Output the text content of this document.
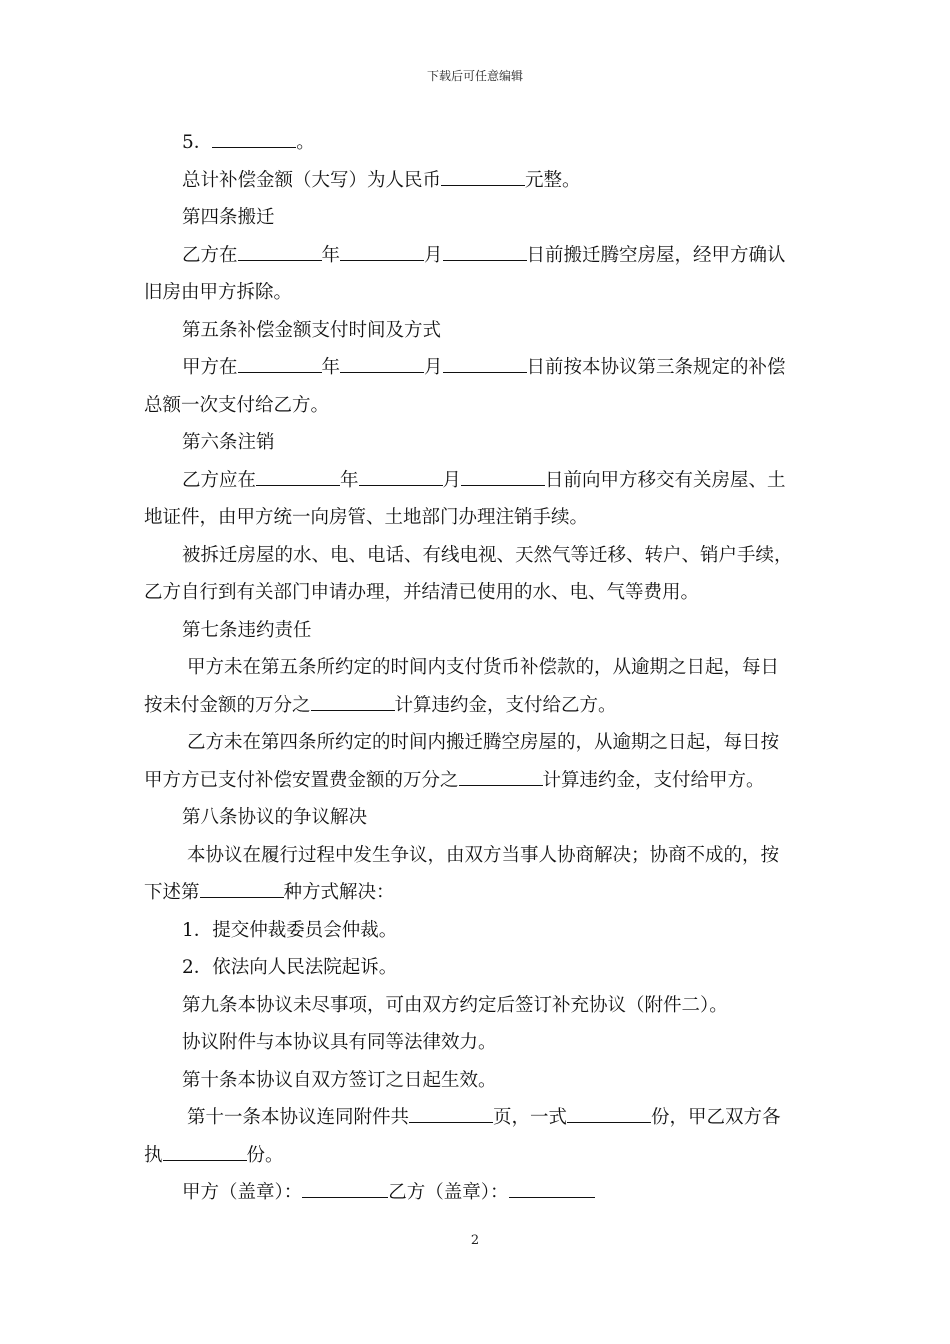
下载后可任意编辑
5．	。
总计补偿金额（大写）为人民币	元整。
第四条搬迁
乙方在	年	月	日前搬迁腾空房屋，经甲方确认
旧房由甲方拆除。
第五条补偿金额支付时间及方式
甲方在	年	月	日前按本协议第三条规定的补偿
总额一次支付给乙方。
第六条注销
乙方应在	年	月	日前向甲方移交有关房屋、土
地证件，由甲方统一向房管、土地部门办理注销手续。
被拆迁房屋的水、电、电话、有线电视、天然气等迁移、转户、销户手续，
乙方自行到有关部门申请办理，并结清已使用的水、电、气等费用。
第七条违约责任
甲方未在第五条所约定的时间内支付货币补偿款的，从逾期之日起，每日
按未付金额的万分之	计算违约金，支付给乙方。
乙方未在第四条所约定的时间内搬迁腾空房屋的，从逾期之日起，每日按
甲方方已支付补偿安置费金额的万分之	计算违约金，支付给甲方。
第八条协议的争议解决
本协议在履行过程中发生争议，由双方当事人协商解决；协商不成的，按
下述第	种方式解决：
1．提交仲裁委员会仲裁。
2．依法向人民法院起诉。
第九条本协议未尽事项，可由双方约定后签订补充协议（附件二）。
协议附件与本协议具有同等法律效力。
第十条本协议自双方签订之日起生效。
第十一条本协议连同附件共	页，一式	份，甲乙双方各
执	份。
甲方（盖章）：	乙方（盖章）：
2
